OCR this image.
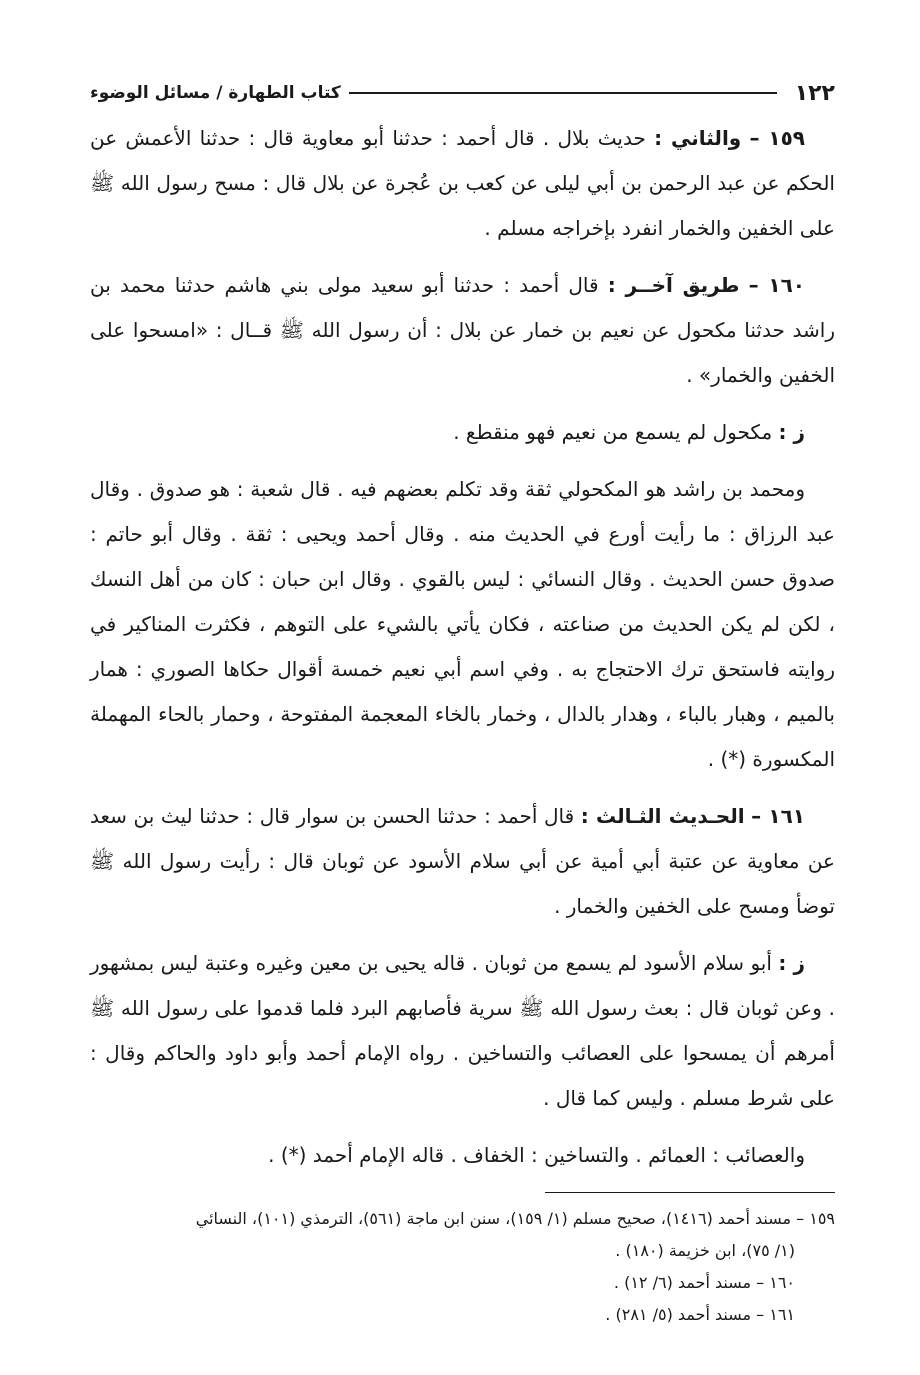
١٢٢
كتاب الطهارة / مسائل الوضوء

١٥٩ – والثاني : حديث بلال . قال أحمد : حدثنا أبو معاوية قال : حدثنا الأعمش عن الحكم عن عبد الرحمن بن أبي ليلى عن كعب بن عُجرة عن بلال قال : مسح رسول الله ﷺ على الخفين والخمار انفرد بإخراجه مسلم .

١٦٠ – طريق آخــر : قال أحمد : حدثنا أبو سعيد مولى بني هاشم حدثنا محمد بن راشد حدثنا مكحول عن نعيم بن خمار عن بلال : أن رسول الله ﷺ قــال : «امسحوا على الخفين والخمار» .

ز : مكحول لم يسمع من نعيم فهو منقطع .

ومحمد بن راشد هو المكحولي ثقة وقد تكلم بعضهم فيه . قال شعبة : هو صدوق . وقال عبد الرزاق : ما رأيت أورع في الحديث منه . وقال أحمد ويحيى : ثقة . وقال أبو حاتم : صدوق حسن الحديث . وقال النسائي : ليس بالقوي . وقال ابن حبان : كان من أهل النسك ، لكن لم يكن الحديث من صناعته ، فكان يأتي بالشيء على التوهم ، فكثرت المناكير في روايته فاستحق ترك الاحتجاج به . وفي اسم أبي نعيم خمسة أقوال حكاها الصوري : همار بالميم ، وهبار بالباء ، وهدار بالدال ، وخمار بالخاء المعجمة المفتوحة ، وحمار بالحاء المهملة المكسورة (*) .

١٦١ – الحـديث الثـالث : قال أحمد : حدثنا الحسن بن سوار قال : حدثنا ليث بن سعد عن معاوية عن عتبة أبي أمية عن أبي سلام الأسود عن ثوبان قال : رأيت رسول الله ﷺ توضأ ومسح على الخفين والخمار .

ز : أبو سلام الأسود لم يسمع من ثوبان . قاله يحيى بن معين وغيره وعتبة ليس بمشهور . وعن ثوبان قال : بعث رسول الله ﷺ سرية فأصابهم البرد فلما قدموا على رسول الله ﷺ أمرهم أن يمسحوا على العصائب والتساخين . رواه الإمام أحمد وأبو داود والحاكم وقال : على شرط مسلم . وليس كما قال .

والعصائب : العمائم . والتساخين : الخفاف . قاله الإمام أحمد (*) .

١٥٩ – مسند أحمد (١٤١٦)، صحيح مسلم (١/ ١٥٩)، سنن ابن ماجة (٥٦١)، الترمذي (١٠١)، النسائي
(١/ ٧٥)، ابن خزيمة (١٨٠) .

١٦٠ – مسند أحمد (٦/ ١٢) .

١٦١ – مسند أحمد (٥/ ٢٨١) .
